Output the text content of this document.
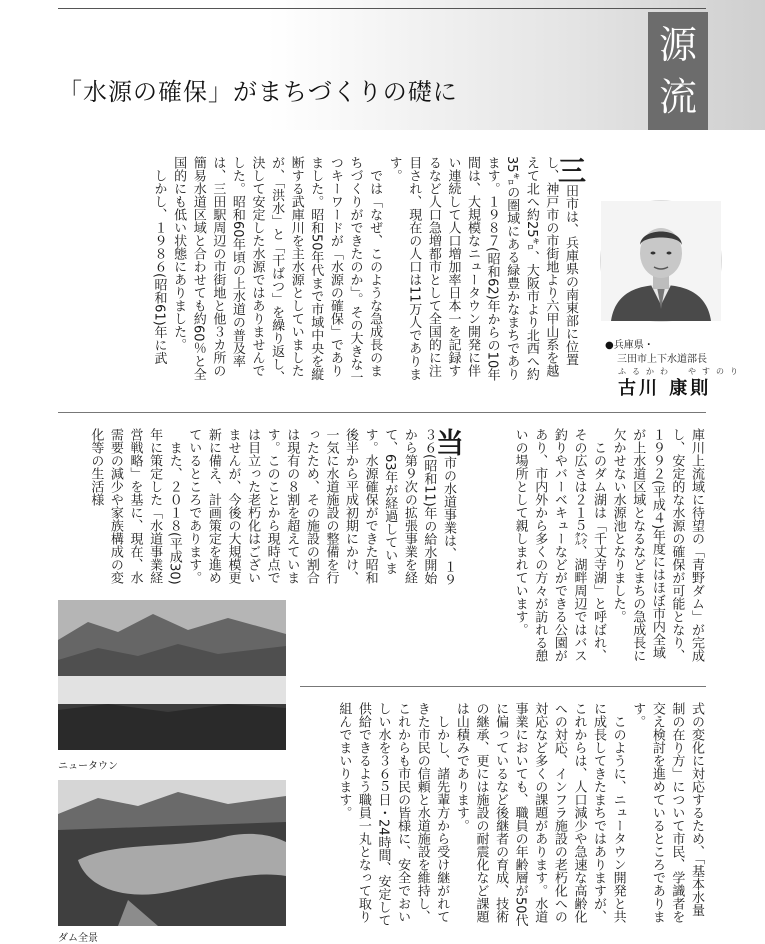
「水源の確保」がまちづくりの礎に
源
流
●兵庫県・
三田市上下水道部長
ふるかわ　やすのり
古川 康則
三田市は、兵庫県の南東部に位置し、神戸市の市街地より六甲山系を越えて北へ約25㌔、大阪市より北西へ約35㌔の圏域にある緑豊かなまちであります。１９８７(昭和62)年からの10年間は、大規模なニュータウン開発に伴い連続して人口増加率日本一を記録するなど人口急増都市として全国的に注目され、現在の人口は11万人であります。
　では「なぜ、このような急成長のまちづくりができたのか」。その大きな一つキーワードが「水源の確保」でありました。昭和50年代まで市域中央を縦断する武庫川を主水源としていましたが、「洪水」と「干ばつ」を繰り返し、決して安定した水源ではありませんでした。昭和60年頃の上水道の普及率は、三田駅周辺の市街地と他３カ所の簡易水道区域と合わせても約60％と全国的にも低い状態にありました。
　しかし、１９８６(昭和61)年に武
庫川上流域に待望の「青野ダム」が完成し、安定的な水源の確保が可能となり、１９９２(平成４)年度にはほぼ市内全域が上水道区域となるなどまちの急成長に欠かせない水源池となりました。
　このダム湖は「千丈寺湖」と呼ばれ、その広さは２１５㌶、湖畔周辺ではバス釣りやバーベキューなどができる公園があり、市内外から多くの方々が訪れる憩いの場所として親しまれています。
当市の水道事業は、１９３６(昭和11)年の給水開始から第９次の拡張事業を経て、63年が経過しています。水源確保ができた昭和後半から平成初期にかけ、一気に水道施設の整備を行ったため、その施設の割合は現有の８割を超えています。このことから現時点では目立った老朽化はございませんが、今後の大規模更新に備え、計画策定を進めているところであります。
　また、２０１８(平成30)年に策定した「水道事業経営戦略」を基に、現在、水需要の減少や家族構成の変化等の生活様
ニュータウン
ダム全景
式の変化に対応するため、「基本水量制の在り方」について市民、学識者を交え検討を進めているところであります。
　このように、ニュータウン開発と共に成長してきたまちではありますが、これからは、人口減少や急速な高齢化への対応、インフラ施設の老朽化への対応など多くの課題があります。水道事業においても、職員の年齢層が50代に偏っているなど後継者の育成、技術の継承、更には施設の耐震化など課題は山積みであります。
　しかし、諸先輩方から受け継がれてきた市民の信頼と水道施設を維持し、これからも市民の皆様に、安全でおいしい水を３６５日・24時間、安定して供給できるよう職員一丸となって取り組んでまいります。
